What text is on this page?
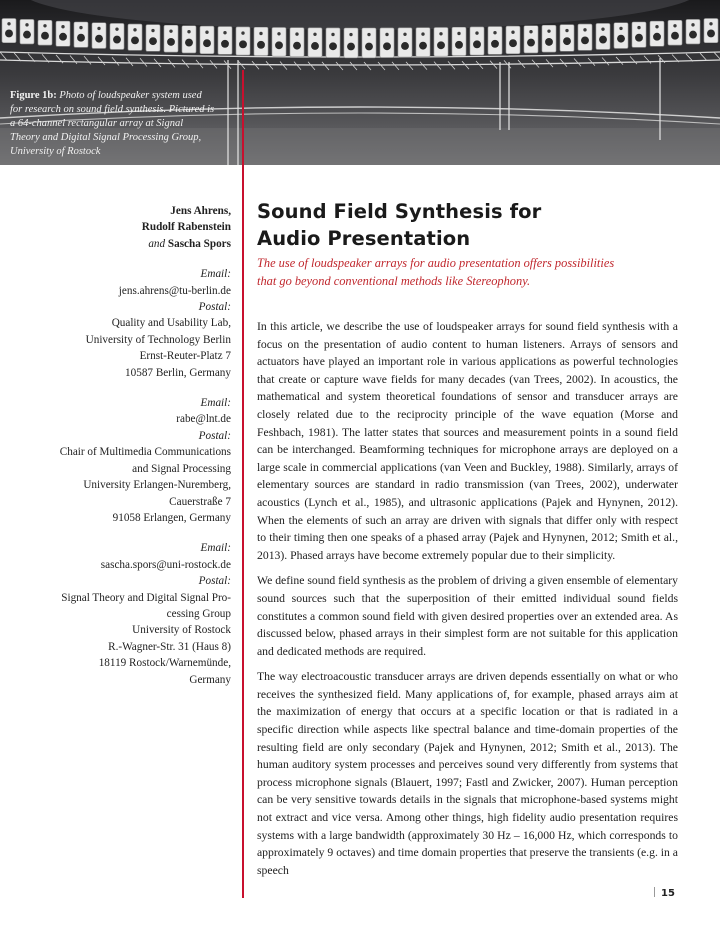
Figure 1b: Photo of loudspeaker system used for research on sound field synthesis. Pictured is a 64-channel rectangular array at Signal Theory and Digital Signal Processing Group, University of Rostock
Jens Ahrens,
Rudolf Rabenstein
and Sascha Spors
Email:
jens.ahrens@tu-berlin.de
Postal:
Quality and Usability Lab,
University of Technology Berlin
Ernst-Reuter-Platz 7
10587 Berlin, Germany
Email:
rabe@lnt.de
Postal:
Chair of Multimedia Communications
and Signal Processing
University Erlangen-Nuremberg,
Cauerstraße 7
91058 Erlangen, Germany
Email:
sascha.spors@uni-rostock.de
Postal:
Signal Theory and Digital Signal Pro-
cessing Group
University of Rostock
R.-Wagner-Str. 31 (Haus 8)
18119 Rostock/Warnemünde,
Germany
Sound Field Synthesis for
Audio Presentation
The use of loudspeaker arrays for audio presentation offers possibilities
that go beyond conventional methods like Stereophony.

In this article, we describe the use of loudspeaker arrays for sound field synthesis with a focus on the presentation of audio content to human listeners. Arrays of sensors and actuators have played an important role in various applications as powerful technologies that create or capture wave fields for many decades (van Trees, 2002). In acoustics, the mathematical and system theoretical foundations of sensor and transducer arrays are closely related due to the reciprocity principle of the wave equation (Morse and Feshbach, 1981). The latter states that sources and measurement points in a sound field can be interchanged. Beamforming techniques for microphone arrays are deployed on a large scale in commercial applications (van Veen and Buckley, 1988). Similarly, arrays of elementary sources are standard in radio transmission (van Trees, 2002), underwater acoustics (Lynch et al., 1985), and ultrasonic applications (Pajek and Hynynen, 2012). When the elements of such an array are driven with signals that differ only with respect to their timing then one speaks of a phased array (Pajek and Hynynen, 2012; Smith et al., 2013). Phased arrays have become extremely popular due to their simplicity.

We define sound field synthesis as the problem of driving a given ensemble of elementary sound sources such that the superposition of their emitted individual sound fields constitutes a common sound field with given desired properties over an extended area. As discussed below, phased arrays in their simplest form are not suitable for this application and dedicated methods are required.

The way electroacoustic transducer arrays are driven depends essentially on what or who receives the synthesized field. Many applications of, for example, phased arrays aim at the maximization of energy that occurs at a specific location or that is radiated in a specific direction while aspects like spectral balance and time-domain properties of the resulting field are only secondary (Pajek and Hynynen, 2012; Smith et al., 2013). The human auditory system processes and perceives sound very differently from systems that process microphone signals (Blauert, 1997; Fastl and Zwicker, 2007). Human perception can be very sensitive towards details in the signals that microphone-based systems might not extract and vice versa. Among other things, high fidelity audio presentation requires systems with a large bandwidth (approximately 30 Hz – 16,000 Hz, which corresponds to approximately 9 octaves) and time domain properties that preserve the transients (e.g. in a speech

15
